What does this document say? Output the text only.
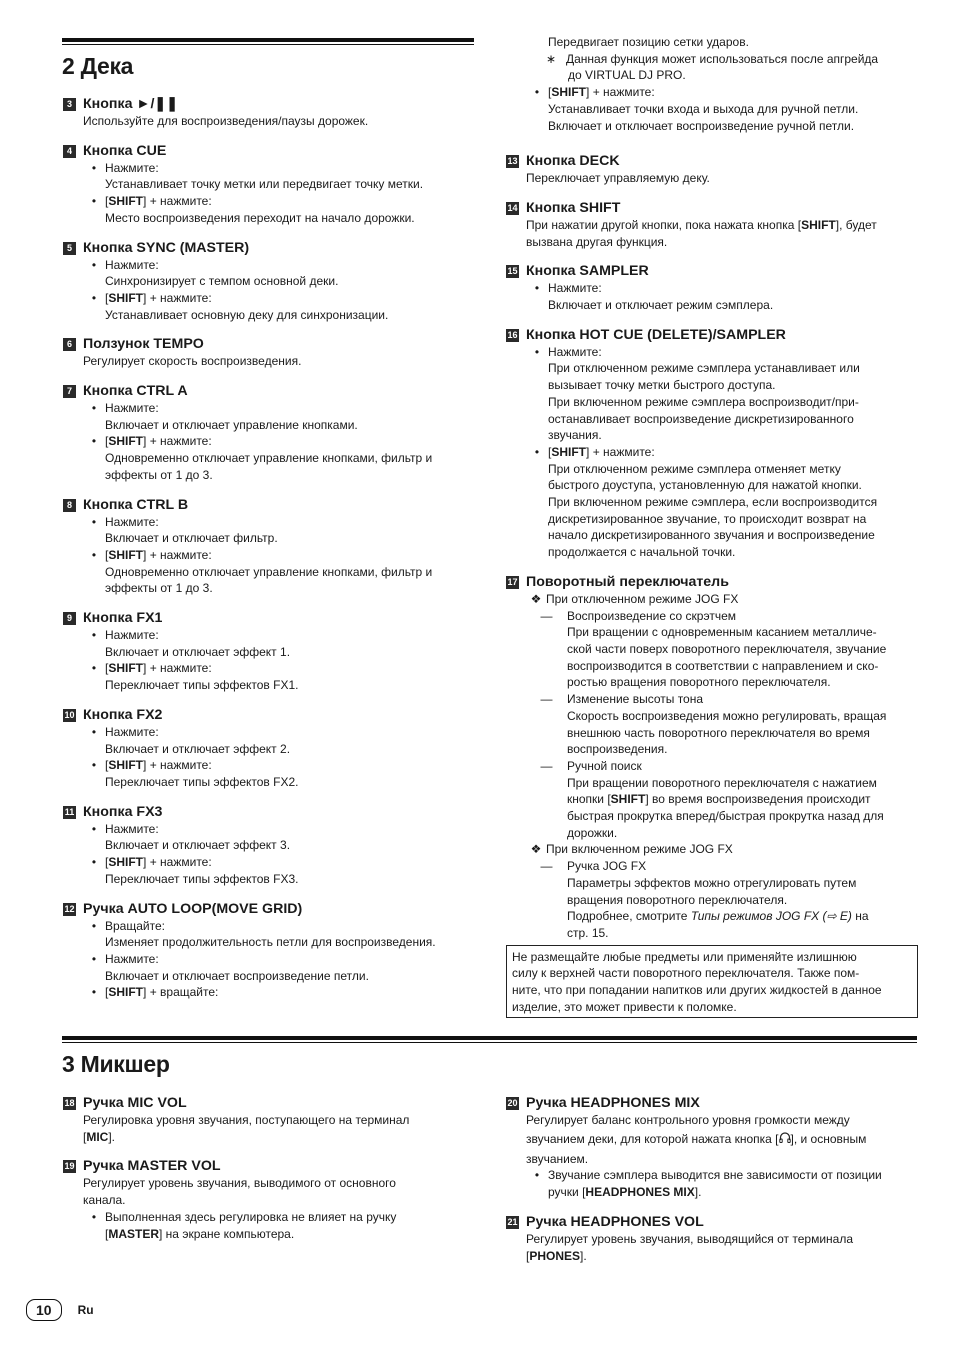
2 Дека
3 Микшер
3 Кнопка ►/❚❚
Используйте для воспроизведения/паузы дорожек.
4 Кнопка CUE
• Нажмите:
Устанавливает точку метки или передвигает точку метки.
• [SHIFT] + нажмите:
Место воспроизведения переходит на начало дорожки.
5 Кнопка SYNC (MASTER)
• Нажмите:
Синхронизирует с темпом основной деки.
• [SHIFT] + нажмите:
Устанавливает основную деку для синхронизации.
6 Ползунок TEMPO
Регулирует скорость воспроизведения.
7 Кнопка CTRL A
• Нажмите:
Включает и отключает управление кнопками.
• [SHIFT] + нажмите:
Одновременно отключает управление кнопками, фильтр и
эффекты от 1 до 3.
8 Кнопка CTRL B
• Нажмите:
Включает и отключает фильтр.
• [SHIFT] + нажмите:
Одновременно отключает управление кнопками, фильтр и
эффекты от 1 до 3.
9 Кнопка FX1
• Нажмите:
Включает и отключает эффект 1.
• [SHIFT] + нажмите:
Переключает типы эффектов FX1.
10 Кнопка FX2
• Нажмите:
Включает и отключает эффект 2.
• [SHIFT] + нажмите:
Переключает типы эффектов FX2.
11 Кнопка FX3
• Нажмите:
Включает и отключает эффект 3.
• [SHIFT] + нажмите:
Переключает типы эффектов FX3.
12 Ручка AUTO LOOP(MOVE GRID)
• Вращайте:
Изменяет продолжительность петли для воспроизведения.
• Нажмите:
Включает и отключает воспроизведение петли.
• [SHIFT] + вращайте:
Передвигает позицию сетки ударов.
∗ Данная функция может использоваться после апгрейда
до VIRTUAL DJ PRO.
• [SHIFT] + нажмите:
Устанавливает точки входа и выхода для ручной петли.
Включает и отключает воспроизведение ручной петли.
13 Кнопка DECK
Переключает управляемую деку.
14 Кнопка SHIFT
При нажатии другой кнопки, пока нажата кнопка [SHIFT], будет
вызвана другая функция.
15 Кнопка SAMPLER
• Нажмите:
Включает и отключает режим сэмплера.
16 Кнопка HOT CUE (DELETE)/SAMPLER
• Нажмите:
При отключенном режиме сэмплера устанавливает или
вызывает точку метки быстрого доступа.
При включенном режиме сэмплера воспроизводит/при-
останавливает воспроизведение дискретизированного
звучания.
• [SHIFT] + нажмите:
При отключенном режиме сэмплера отменяет метку
быстрого доуступа, установленную для нажатой кнопки.
При включенном режиме сэмплера, если воспроизводится
дискретизированное звучание, то происходит возврат на
начало дискретизированного звучания и воспроизведение
продолжается с начальной точки.
17 Поворотный переключатель
❖ При отключенном режиме JOG FX
—	Воспроизведение со скрэтчем
При вращении с одновременным касанием металличе-
ской части поверх поворотного переключателя, звучание
воспроизводится в соответствии с направлением и ско-
ростью вращения поворотного переключателя.
—	Изменение высоты тона
Скорость воспроизведения можно регулировать, вращая
внешнюю часть поворотного переключателя во время
воспроизведения.
—	Ручной поиск
При вращении поворотного переключателя с нажатием
кнопки [SHIFT] во время воспроизведения происходит
быстрая прокрутка вперед/быстрая прокрутка назад для
дорожки.
❖ При включенном режиме JOG FX
—	Ручка JOG FX
Параметры эффектов можно отрегулировать путем
вращения поворотного переключателя.
Подробнее, смотрите Типы режимов JOG FX (⇨ E) на
стр. 15.
Не размещайте любые предметы или применяйте излишнюю
силу к верхней части поворотного переключателя. Также пом-
ните, что при попадании напитков или других жидкостей в данное
изделие, это может привести к поломке.
18 Ручка MIC VOL
Регулировка уровня звучания, поступающего на терминал
[MIC].
19 Ручка MASTER VOL
Регулирует уровень звучания, выводимого от основного
канала.
• Выполненная здесь регулировка не влияет на ручку
[MASTER] на экране компьютера.
20 Ручка HEADPHONES MIX
Регулирует баланс контрольного уровня громкости между
звучанием деки, для которой нажата кнопка [ ], и основным
звучанием.
• Звучание сэмплера выводится вне зависимости от позиции
ручки [HEADPHONES MIX].
21 Ручка HEADPHONES VOL
Регулирует уровень звучания, выводящийся от терминала
[PHONES].
10	Ru
